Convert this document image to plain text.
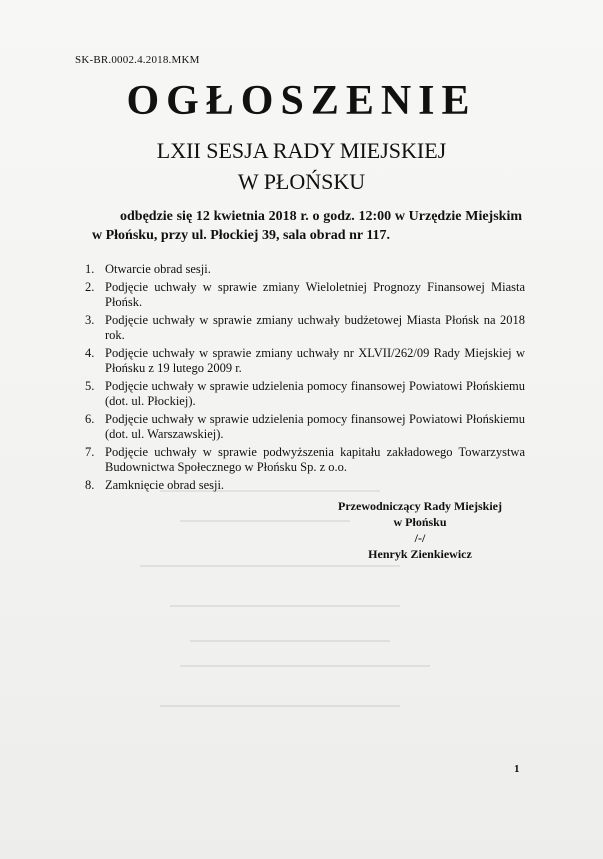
SK-BR.0002.4.2018.MKM
OGŁOSZENIE
LXII SESJA RADY MIEJSKIEJ
W PŁOŃSKU
odbędzie się 12 kwietnia 2018 r. o godz. 12:00 w Urzędzie Miejskim w Płońsku, przy ul. Płockiej 39, sala obrad nr 117.
1. Otwarcie obrad sesji.
2. Podjęcie uchwały w sprawie zmiany Wieloletniej Prognozy Finansowej Miasta Płońsk.
3. Podjęcie uchwały w sprawie zmiany uchwały budżetowej Miasta Płońsk na 2018 rok.
4. Podjęcie uchwały w sprawie zmiany uchwały nr XLVII/262/09 Rady Miejskiej w Płońsku z 19 lutego 2009 r.
5. Podjęcie uchwały w sprawie udzielenia pomocy finansowej Powiatowi Płońskiemu (dot. ul. Płockiej).
6. Podjęcie uchwały w sprawie udzielenia pomocy finansowej Powiatowi Płońskiemu (dot. ul. Warszawskiej).
7. Podjęcie uchwały w sprawie podwyższenia kapitału zakładowego Towarzystwa Budownictwa Społecznego w Płońsku Sp. z o.o.
8. Zamknięcie obrad sesji.
Przewodniczący Rady Miejskiej
w Płońsku
/-/
Henryk Zienkiewicz
1
